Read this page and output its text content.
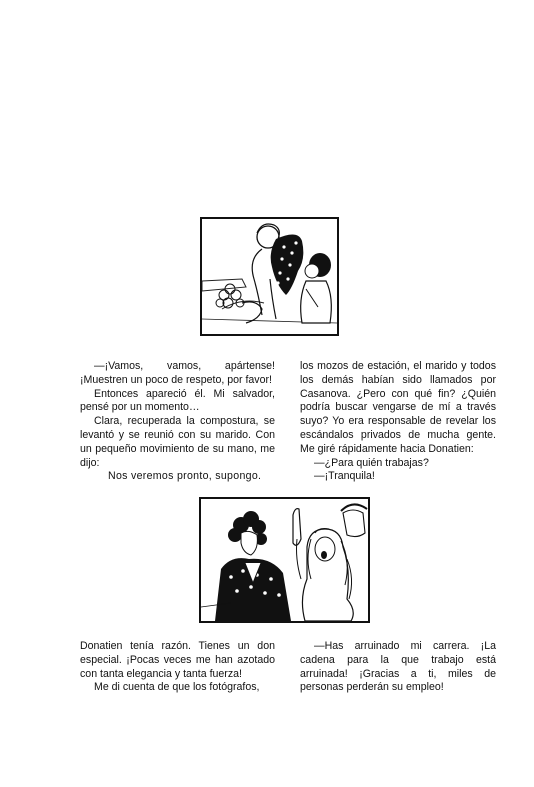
—¡Vamos, vamos, apártense! ¡Muestren un poco de respeto, por favor!

Entonces apareció él. Mi salvador, pensé por un momento…

Clara, recuperada la compostura, se levantó y se reunió con su marido. Con un pequeño movimiento de su mano, me dijo:

Nos veremos pronto, supongo.

los mozos de estación, el marido y todos los demás habían sido llamados por Casanova. ¿Pero con qué fin? ¿Quién podría buscar vengarse de mí a través suyo? Yo era responsable de revelar los escándalos privados de mucha gente. Me giré rápidamente hacia Donatien:

—¿Para quién trabajas?

—¡Tranquila!

Donatien tenía razón. Tienes un don especial. ¡Pocas veces me han azotado con tanta elegancia y tanta fuerza!

Me di cuenta de que los fotógrafos,

—Has arruinado mi carrera. ¡La cadena para la que trabajo está arruinada! ¡Gracias a ti, miles de personas perderán su empleo!
